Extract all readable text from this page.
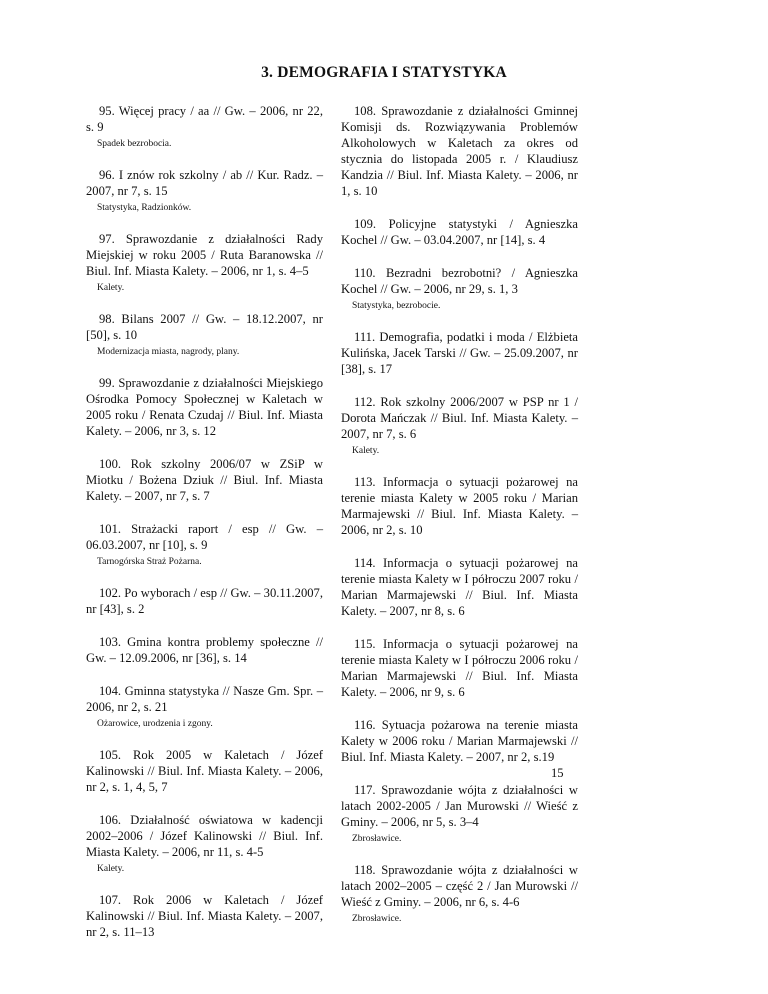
3. DEMOGRAFIA I STATYSTYKA
95. Więcej pracy / aa // Gw. – 2006, nr 22, s. 9
Spadek bezrobocia.
96. I znów rok szkolny / ab // Kur. Radz. – 2007, nr 7, s. 15
Statystyka, Radzionków.
97. Sprawozdanie z działalności Rady Miejskiej w roku 2005 / Ruta Baranowska // Biul. Inf. Miasta Kalety. – 2006, nr 1, s. 4–5
Kalety.
98. Bilans 2007 // Gw. – 18.12.2007, nr [50], s. 10
Modernizacja miasta, nagrody, plany.
99. Sprawozdanie z działalności Miejskiego Ośrodka Pomocy Społecznej w Kaletach w 2005 roku / Renata Czudaj // Biul. Inf. Miasta Kalety. – 2006, nr 3, s. 12
100. Rok szkolny 2006/07 w ZSiP w Miotku / Bożena Dziuk // Biul. Inf. Miasta Kalety. – 2007, nr 7, s. 7
101. Strażacki raport / esp // Gw. – 06.03.2007, nr [10], s. 9
Tarnogórska Straż Pożarna.
102. Po wyborach / esp // Gw. – 30.11.2007, nr [43], s. 2
103. Gmina kontra problemy społeczne // Gw. – 12.09.2006, nr [36], s. 14
104. Gminna statystyka // Nasze Gm. Spr. – 2006, nr 2, s. 21
Ożarowice, urodzenia i zgony.
105. Rok 2005 w Kaletach / Józef Kalinowski // Biul. Inf. Miasta Kalety. – 2006, nr 2, s. 1, 4, 5, 7
106. Działalność oświatowa w kadencji 2002–2006 / Józef Kalinowski // Biul. Inf. Miasta Kalety. – 2006, nr 11, s. 4-5
Kalety.
107. Rok 2006 w Kaletach / Józef Kalinowski // Biul. Inf. Miasta Kalety. – 2007, nr 2, s. 11–13
108. Sprawozdanie z działalności Gminnej Komisji ds. Rozwiązywania Problemów Alkoholowych w Kaletach za okres od stycznia do listopada 2005 r. / Klaudiusz Kandzia // Biul. Inf. Miasta Kalety. – 2006, nr 1, s. 10
109. Policyjne statystyki / Agnieszka Kochel // Gw. – 03.04.2007, nr [14], s. 4
110. Bezradni bezrobotni? / Agnieszka Kochel // Gw. – 2006, nr 29, s. 1, 3
Statystyka, bezrobocie.
111. Demografia, podatki i moda / Elżbieta Kulińska, Jacek Tarski // Gw. – 25.09.2007, nr [38], s. 17
112. Rok szkolny 2006/2007 w PSP nr 1 / Dorota Mańczak // Biul. Inf. Miasta Kalety. – 2007, nr 7, s. 6
Kalety.
113. Informacja o sytuacji pożarowej na terenie miasta Kalety w 2005 roku / Marian Marmajewski // Biul. Inf. Miasta Kalety. – 2006, nr 2, s. 10
114. Informacja o sytuacji pożarowej na terenie miasta Kalety w I półroczu 2007 roku / Marian Marmajewski // Biul. Inf. Miasta Kalety. – 2007, nr 8, s. 6
115. Informacja o sytuacji pożarowej na terenie miasta Kalety w I półroczu 2006 roku / Marian Marmajewski // Biul. Inf. Miasta Kalety. – 2006, nr 9, s. 6
116. Sytuacja pożarowa na terenie miasta Kalety w 2006 roku / Marian Marmajewski // Biul. Inf. Miasta Kalety. – 2007, nr 2, s.19
117. Sprawozdanie wójta z działalności w latach 2002-2005 / Jan Murowski // Wieść z Gminy. – 2006, nr 5, s. 3–4
Zbrosławice.
118. Sprawozdanie wójta z działalności w latach 2002–2005 – część 2 / Jan Murowski // Wieść z Gminy. – 2006, nr 6, s. 4-6
Zbrosławice.
15
